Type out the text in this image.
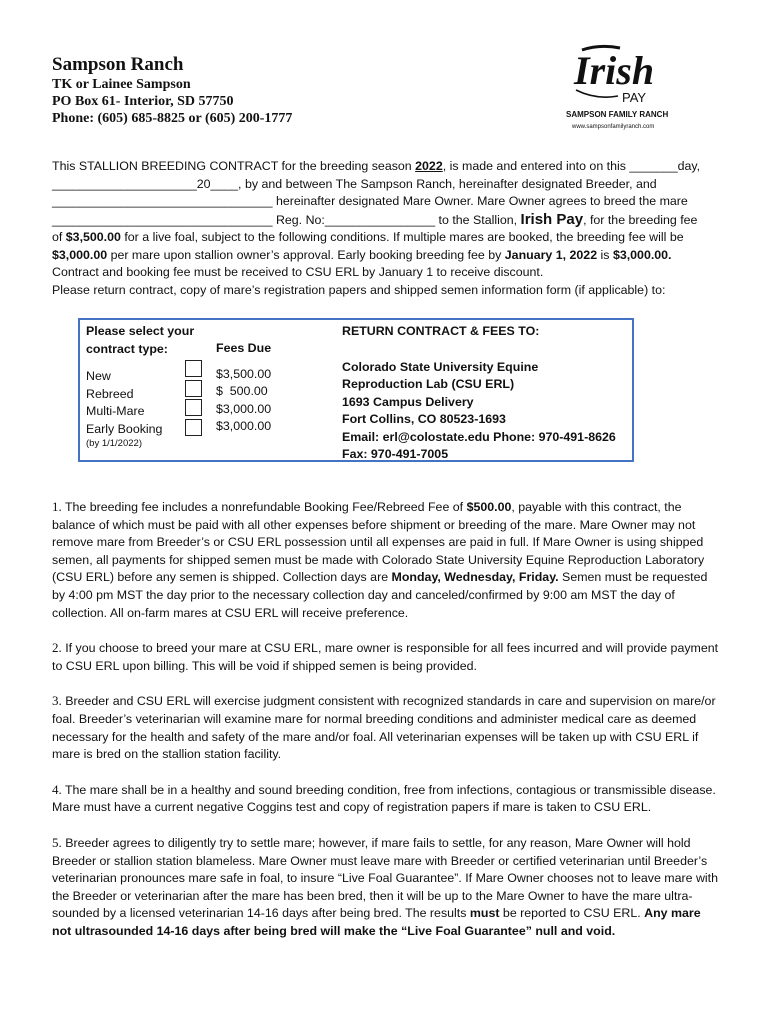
Sampson Ranch
TK or Lainee Sampson
PO Box 61- Interior, SD 57750
Phone: (605) 685-8825 or (605) 200-1777
Irish
PAY
SAMPSON FAMILY RANCH
www.sampsonfamilyranch.com

This STALLION BREEDING CONTRACT for the breeding season 2022, is made and entered into on this _______day,

_____________________20____, by and between The Sampson Ranch, hereinafter designated Breeder, and

________________________________ hereinafter designated Mare Owner. Mare Owner agrees to breed the mare

________________________________ Reg. No:________________ to the Stallion, Irish Pay, for the breeding fee

of $3,500.00 for a live foal, subject to the following conditions. If multiple mares are booked, the breeding fee will be

$3,000.00 per mare upon stallion owner’s approval. Early booking breeding fee by January 1, 2022 is $3,000.00.

Contract and booking fee must be received to CSU ERL by January 1 to receive discount.

Please return contract, copy of mare’s registration papers and shipped semen information form (if applicable) to:

Please select your
contract type:
New
Rebreed
Multi-Mare
Early Booking
(by 1/1/2022)
Fees Due
$3,500.00
$  500.00
$3,000.00
$3,000.00
RETURN CONTRACT & FEES TO:
Colorado State University Equine
Reproduction Lab (CSU ERL)
1693 Campus Delivery
Fort Collins, CO 80523-1693
Email: erl@colostate.edu Phone: 970-491-8626
Fax: 970-491-7005

1. The breeding fee includes a nonrefundable Booking Fee/Rebreed Fee of $500.00, payable with this contract, the balance of which must be paid with all other expenses before shipment or breeding of the mare. Mare Owner may not remove mare from Breeder’s or CSU ERL possession until all expenses are paid in full. If Mare Owner is using shipped semen, all payments for shipped semen must be made with Colorado State University Equine Reproduction Laboratory (CSU ERL) before any semen is shipped. Collection days are Monday, Wednesday, Friday. Semen must be requested by 4:00 pm MST the day prior to the necessary collection day and canceled/confirmed by 9:00 am MST the day of collection. All on-farm mares at CSU ERL will receive preference.

2. If you choose to breed your mare at CSU ERL, mare owner is responsible for all fees incurred and will provide payment to CSU ERL upon billing. This will be void if shipped semen is being provided.

3. Breeder and CSU ERL will exercise judgment consistent with recognized standards in care and supervision on mare/or foal. Breeder’s veterinarian will examine mare for normal breeding conditions and administer medical care as deemed necessary for the health and safety of the mare and/or foal. All veterinarian expenses will be taken up with CSU ERL if mare is bred on the stallion station facility.

4. The mare shall be in a healthy and sound breeding condition, free from infections, contagious or transmissible disease. Mare must have a current negative Coggins test and copy of registration papers if mare is taken to CSU ERL.

5. Breeder agrees to diligently try to settle mare; however, if mare fails to settle, for any reason, Mare Owner will hold Breeder or stallion station blameless. Mare Owner must leave mare with Breeder or certified veterinarian until Breeder’s veterinarian pronounces mare safe in foal, to insure “Live Foal Guarantee”. If Mare Owner chooses not to leave mare with the Breeder or veterinarian after the mare has been bred, then it will be up to the Mare Owner to have the mare ultra-sounded by a licensed veterinarian 14-16 days after being bred. The results must be reported to CSU ERL. Any mare not ultrasounded 14-16 days after being bred will make the “Live Foal Guarantee” null and void.
